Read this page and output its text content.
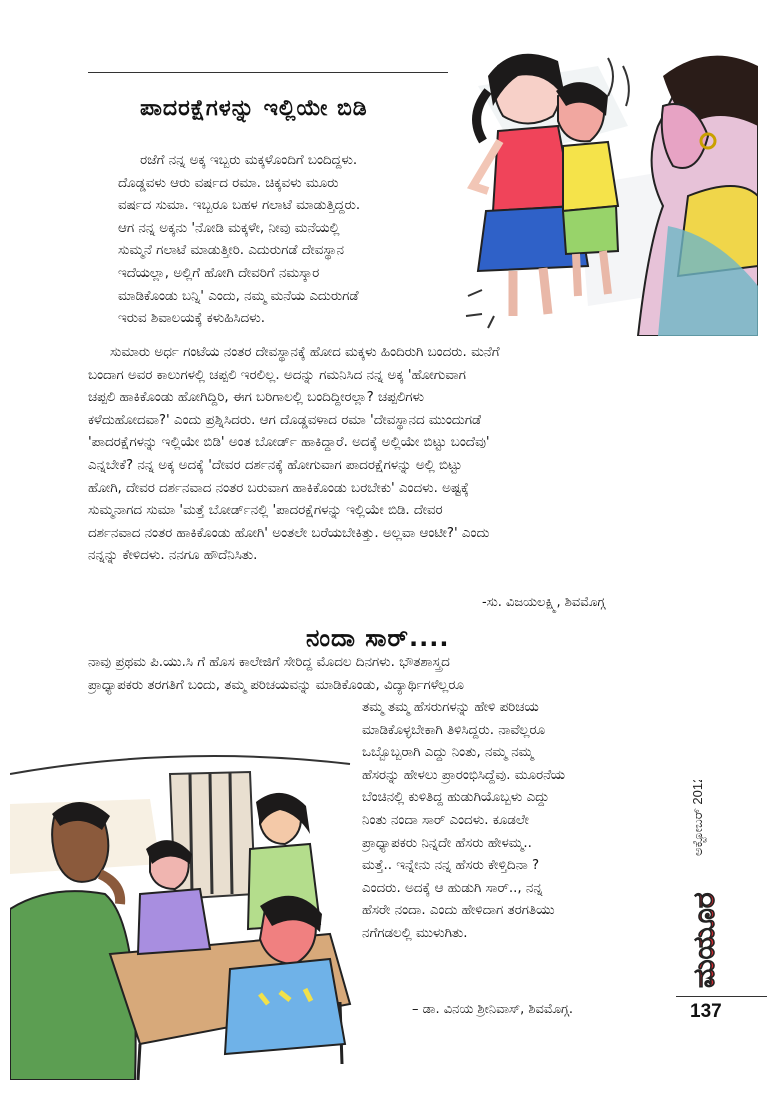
ಪಾದರಕ್ಷೆಗಳನ್ನು ಇಲ್ಲಿಯೇ ಬಿಡಿ
ರಜೆಗೆ ನನ್ನ ಅಕ್ಕ ಇಬ್ಬರು ಮಕ್ಕಳೊಂದಿಗೆ ಬಂದಿದ್ದಳು.
ದೊಡ್ಡವಳು ಆರು ವರ್ಷದ ರಮಾ. ಚಿಕ್ಕವಳು ಮೂರು
ವರ್ಷದ ಸುಮಾ. ಇಬ್ಬರೂ ಬಹಳ ಗಲಾಟೆ ಮಾಡುತ್ತಿದ್ದರು.
ಆಗ ನನ್ನ ಅಕ್ಕನು 'ನೋಡಿ ಮಕ್ಕಳೇ, ನೀವು ಮನೆಯಲ್ಲಿ
ಸುಮ್ಮನೆ ಗಲಾಟೆ ಮಾಡುತ್ತೀರಿ. ಎದುರುಗಡೆ ದೇವಸ್ಥಾನ
ಇದೆಯಲ್ಲಾ, ಅಲ್ಲಿಗೆ ಹೋಗಿ ದೇವರಿಗೆ ನಮಸ್ಕಾರ
ಮಾಡಿಕೊಂಡು ಬನ್ನಿ' ಎಂದು, ನಮ್ಮ ಮನೆಯ ಎದುರುಗಡೆ
ಇರುವ ಶಿವಾಲಯಕ್ಕೆ ಕಳುಹಿಸಿದಳು.
ಸುಮಾರು ಅರ್ಧ ಗಂಟೆಯ ನಂತರ ದೇವಸ್ಥಾನಕ್ಕೆ ಹೋದ ಮಕ್ಕಳು ಹಿಂದಿರುಗಿ ಬಂದರು. ಮನೆಗೆ
ಬಂದಾಗ ಅವರ ಕಾಲುಗಳಲ್ಲಿ ಚಪ್ಪಲಿ ಇರಲಿಲ್ಲ. ಅದನ್ನು ಗಮನಿಸಿದ ನನ್ನ ಅಕ್ಕ 'ಹೋಗುವಾಗ
ಚಪ್ಪಲಿ ಹಾಕಿಕೊಂಡು ಹೋಗಿದ್ದಿರಿ, ಈಗ ಬರಿಗಾಲಲ್ಲಿ ಬಂದಿದ್ದೀರಲ್ಲಾ? ಚಪ್ಪಲಿಗಳು
ಕಳೆದುಹೋದವಾ?' ಎಂದು ಪ್ರಶ್ನಿಸಿದರು. ಆಗ ದೊಡ್ಡವಳಾದ ರಮಾ 'ದೇವಸ್ಥಾನದ ಮುಂದುಗಡೆ
'ಪಾದರಕ್ಷೆಗಳನ್ನು ಇಲ್ಲಿಯೇ ಬಿಡಿ' ಅಂತ ಬೋರ್ಡ್ ಹಾಕಿದ್ದಾರೆ. ಅದಕ್ಕೆ ಅಲ್ಲಿಯೇ ಬಿಟ್ಟು ಬಂದೆವು'
ಎನ್ನಬೇಕೆ? ನನ್ನ ಅಕ್ಕ ಅದಕ್ಕೆ 'ದೇವರ ದರ್ಶನಕ್ಕೆ ಹೋಗುವಾಗ ಪಾದರಕ್ಷೆಗಳನ್ನು ಅಲ್ಲಿ ಬಿಟ್ಟು
ಹೋಗಿ, ದೇವರ ದರ್ಶನವಾದ ನಂತರ ಬರುವಾಗ ಹಾಕಿಕೊಂಡು ಬರಬೇಕು' ಎಂದಳು. ಅಷ್ಟಕ್ಕೆ
ಸುಮ್ಮನಾಗದ ಸುಮಾ 'ಮತ್ತೆ ಬೋರ್ಡ್‌ನಲ್ಲಿ 'ಪಾದರಕ್ಷೆಗಳನ್ನು ಇಲ್ಲಿಯೇ ಬಿಡಿ. ದೇವರ
ದರ್ಶನವಾದ ನಂತರ ಹಾಕಿಕೊಂಡು ಹೋಗಿ' ಅಂತಲೇ ಬರೆಯಬೇಕಿತ್ತು. ಅಲ್ಲವಾ ಆಂಟೀ?' ಎಂದು
ನನ್ನನ್ನು ಕೇಳಿದಳು. ನನಗೂ ಹೌದೆನಿಸಿತು.

-ಸು. ವಿಜಯಲಕ್ಷ್ಮಿ, ಶಿವಮೊಗ್ಗ

ನಂದಾ ಸಾರ್....
ನಾವು ಪ್ರಥಮ ಪಿ.ಯು.ಸಿ ಗೆ ಹೊಸ ಕಾಲೇಜಿಗೆ ಸೇರಿದ್ದ ಮೊದಲ ದಿನಗಳು. ಭೌತಶಾಸ್ತ್ರದ
ಪ್ರಾಧ್ಯಾಪಕರು ತರಗತಿಗೆ ಬಂದು, ತಮ್ಮ ಪರಿಚಯವನ್ನು ಮಾಡಿಕೊಂಡು, ವಿದ್ಯಾರ್ಥಿಗಳೆಲ್ಲರೂ
ತಮ್ಮ ತಮ್ಮ ಹೆಸರುಗಳನ್ನು ಹೇಳಿ ಪರಿಚಯ
ಮಾಡಿಕೊಳ್ಳಬೇಕಾಗಿ ತಿಳಿಸಿದ್ದರು. ನಾವೆಲ್ಲರೂ
ಒಬ್ಬೊಬ್ಬರಾಗಿ ಎದ್ದು ನಿಂತು, ನಮ್ಮ ನಮ್ಮ
ಹೆಸರನ್ನು ಹೇಳಲು ಪ್ರಾರಂಭಿಸಿದ್ದೆವು. ಮೂರನೆಯ
ಬೆಂಚಿನಲ್ಲಿ ಕುಳಿತಿದ್ದ ಹುಡುಗಿಯೊಬ್ಬಳು ಎದ್ದು
ನಿಂತು ನಂದಾ ಸಾರ್ ಎಂದಳು. ಕೂಡಲೇ
ಪ್ರಾಧ್ಯಾಪಕರು ನಿನ್ನದೇ ಹೆಸರು ಹೇಳಮ್ಮ..
ಮತ್ತೆ.. ಇನ್ನೇನು ನನ್ನ ಹೆಸರು ಕೇಳ್ತಿದಿನಾ ?
ಎಂದರು. ಅದಕ್ಕೆ ಆ ಹುಡುಗಿ ಸಾರ್.., ನನ್ನ
ಹೆಸರೇ ನಂದಾ. ಎಂದು ಹೇಳಿದಾಗ ತರಗತಿಯು
ನಗೆಗಡಲಲ್ಲಿ ಮುಳುಗಿತು.

– ಡಾ. ವಿನಯ ಶ್ರೀನಿವಾಸ್, ಶಿವಮೊಗ್ಗ.

ಅಕ್ಟೋಬರ್ 2012
ಮಯೂರ

137
